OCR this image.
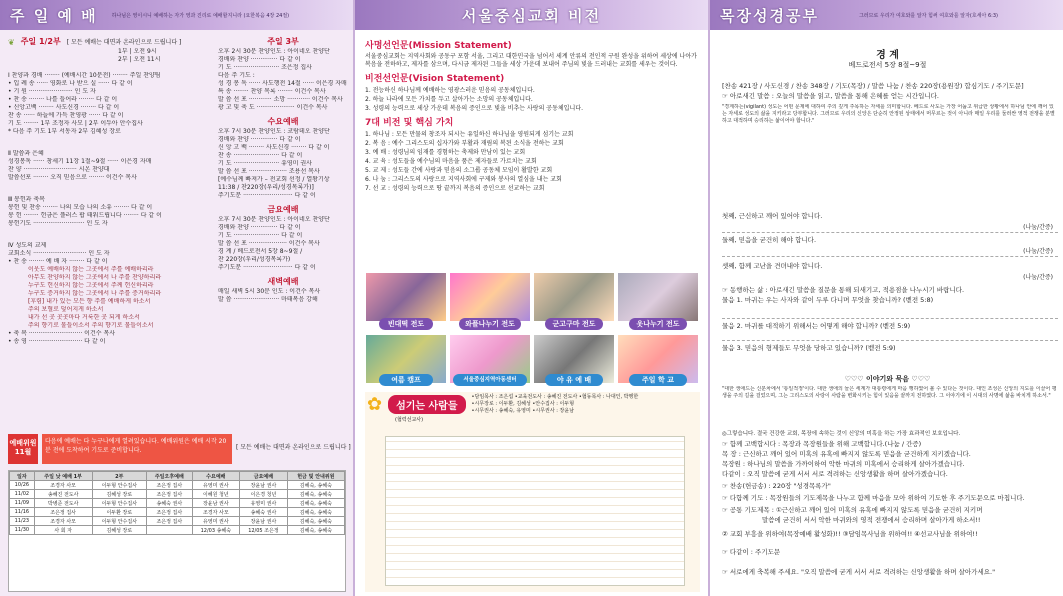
주 일 예 배	하나님은 영이시니 예배하는 자가 영과 진리로 예배할지니라 (요한복음 4장 24절)
❦ 주일 1/2부 [ 모든 예배는 대면과 온라인으로 드립니다 ]
1부 | 오전 9시
2부 | 오전 11시
Ⅰ 찬양과 경배 ········ (예배시간 10분전) ········ 주일 찬양팀
• 입 례 송 ······ 영화로 나 받으 실 ······ 다 같 이
• 기 원 ······················· 인 도 자
• 찬 송 ········ 나를 들어라 ········ 다 같 이
• 신앙고백 ········ 사도신경 ········ 다 같 이
찬 송 ······ 하늘에 가득 찬영광 ······ 다 같 이
기 도 ········ 1부 조정자 사모 | 2부 이두아 안수집사
* 다음 주 기도 1부 서동자 2부 김혜성 장로
Ⅱ 말씀과 은혜
성경봉독 ······ 창세기 11장 1절~9절 ······ 이은경 자매
찬 양 ···························· 시온 찬양대
말씀선포 ········ 오직 믿음으로 ········ 이건수 목사
Ⅲ 봉헌과 축복
봉헌 및 찬송 ········ 나의 모습 나의 소유 ········ 다 같 이
봉 헌 ········ 헌금은 플러스 팝 태워드립니다 ········ 다 같 이
봉헌기도 ··························· 인 도 자
Ⅳ 성도의 교제
교회소식 ···························· 인 도 자
• 찬 송 ········ 예 배 자 ········ 다 같 이
이웃도 예배하지 않는 그곳에서 주를 예배하리라
아무도 찬양하지 않는 그곳에서 나 주를 찬양하리라
누구도 헌신하지 않는 그곳에서 주께 헌신하리라
누구도 증거하지 않는 그곳에서 나 주를 증거하리라
[후렴] 내가 있는 모든 향 주를 예배하게 하소서
주의 보혈로 덮어지게 하소서
내가 선 곳 곳곳마다 거룩한 곳 되게 하소서
주의 향기로 물들이소서 주의 향기로 물들이소서
• 축 복 ···························· 이건수 목사
• 송 영 ···························· 다 같 이
주일 3부
오후 2시 30분 찬양인도 : 아이네오 찬양단
경배와 찬양 ·············· 다 같 이
기 도 ························ 조은정 집사
다음 주 기도 :
성 경 봉 독 ······ 사도행전 14절 ······ 이은경 자매
특 송 ········ 찬양 목록 ········ 이건수 목사
말 씀 선 포 ············ 소망 ············ 이건수 목사
광 고 및 축 도 ···················· 이건수 목사
수요예배
오후 7시 30분 찬양인도 : 코람데오 찬양단
경배와 찬양 ·············· 다 같 이
신 앙 고 백 ········ 사도신경 ········ 다 같 이
찬 송 ························ 다 같 이
기 도 ························ 유영미 권사
말 씀 선 포 ···················· 조용선 목사
[예수님께 빠져가 – 전교회 선정 / 열왕기상 11:38 / 찬220장(우리/성경목록가)]
주기도문 ·························· 다 같 이
금요예배
오후 7시 30분 찬양인도 : 아이네오 찬양단
경배와 찬양 ·············· 다 같 이
기 도 ························ 다 같 이
말 씀 선 포 ···················· 이건수 목사
경 계 / 베드로전서 5장 8~9절 /
찬 220장(우리/성경목록가)
주기도문 ·························· 다 같 이
새벽예배
매일 새벽 5시 30분 인도 : 이건수 목사
말 씀 ························ 마태복음 강해
예배위원 11월
다음에 예배는 다 누구나에게 열려있습니다. 예배위원은 예배 시작 20분 전에 도착하여 기도로 준비합니다.	[ 모든 예배는 대면과 온라인으로 드립니다 ]
일자	주일 낮 예배 1부	2부	주일오후예배	수요예배	금요예배	헌금 및 안내위원
10/26	조경자 사모	이두형 안수집사	조은정 집사	유영미 권사	장윤남 권사	김혜숙, 송혜숙
11/02	송혜진 전도사	김혜성 장로	조은정 집사	이혜원 청년	이은경 청년	김혜숙, 송혜숙
11/09	박병준 전도사	이두형 안수집사	송혜숙 권사	장윤남 권사	유영미 권사	김혜숙, 송혜숙
11/16	조은정 집사	이두환 장로	조은정 집사	조경자 사모	송혜숙 권사	김혜숙, 송혜숙
11/23	조경자 사모	이두형 안수집사	조은정 집사	유영미 권사	장윤남 권사	김혜숙, 송혜숙
11/30	사 회 자	김혜성 장로		12/03 송혜숙	12/05 조은정	김혜숙, 송혜숙
서울중심교회 비전
사명선언문(Mission Statement)
서울중심교회는 지역사회와 공동구 포함 서울, 그리고 대한민국을 넘어서 세계 안류의 전인적 구원 완성을 위하여 세상에 나아가 복음을 전하하고, 제자를 삼으며, 다시금 제자된 그들을 세상 가운데 보내어 주님의 빛을 드러내는 교회를 세우는 것이다.
비전선언문(Vision Statement)
1. 전능하신 하나님께 예배하는 영광스러운 믿음의 공동체입니다.
2. 하늘 나라에 모든 가치를 두고 살아가는 소망의 공동체입니다.
3. 성령의 능력으로 세상 가운데 복음의 증인으로 빛을 비추는 사랑의 공동체입니다.
7대 비전 및 핵심 가치
1. 하나님 : 모든 만물의 창조자 되시는 유일하신 하나님을 영원되게 섬기는 교회
2. 복 음 : 예수 그리스도의 십자가와 부활과 재림의 복된 소식을 전하는 교회
3. 예 배 : 성령님의 임재를 경험하는 축제와 만남이 있는 교회
4. 교 육 : 성도들을 예수님의 마음을 품은 제자들로 가르치는 교회
5. 교 제 : 성도들 간에 사랑과 믿음의 소그룹 공동체 모임이 활발한 교회
6. 나 눔 : 그리스도의 사랑으로 지역사회에 구제와 봉사의 열심을 내는 교회
7. 선 교 : 성령의 능력으로 땅 끝까지 복음의 증인으로 선교하는 교회
빈대떡 전도	와플나누기 전도	군고구마 전도	옷나누기 전도
여름 캠프	서울중심지역아동센터	야 유 예 배	주일 학 교
✿	섬기는 사람들
•담임목사 : 조은섭 •교육전도사 : 송혜진 전도사 •협동목사 : 나대인, 박행한
•시무장로 : 이두환, 김혜성 •안수집사 : 이두형
•시무권사 : 송혜숙, 유영미 •시무권사 : 장윤남
(협력선교사)
목장성경공부	그러므로 우리가 여호와를 알자 힘써 여호와를 알자(호세아 6:3)
경 계
베드로전서 5장 8절~9절
[찬송 421장 / 사도신경 / 찬송 348장 / 기도(목장) / 말씀 나눔 / 찬송 220장(용원장) 합심기도 / 주기도문]
☞ 아로새긴 말씀 : 오늘의 말씀을 읽고, 말씀을 통해 은혜를 얻는 시간입니다.
"경계하는(vigilant) 성도는 어떤 문제에 대하여 주의 깊게 주목하는 자세를 의미합니다. 베드로 사도는 가장 어둡고 위급한 상황에서 하나님 안에 깨어 있는 자세로 성도의 삶을 지키라고 당부합니다. 그러므로 우리의 신앙은 단순히 안정된 상태에서 머무르는 것이 아니라 매일 우리를 둘러싼 영적 전쟁을 분별하고 대적하며 승리하는 삶이어야 합니다."
첫째, 근신하고 깨어 있어야 합니다.
(나눔/간증)
둘째, 믿음을 굳건히 해야 합니다.
(나눔/간증)
셋째, 함께 고난을 견뎌내야 합니다.
(나눔/간증)
☞ 동행하는 삶 : 아로새긴 말씀을 질문을 통해 되새기고, 적용점을 나누시기 바랍니다.
물음 1. 마귀는 우는 사자와 같이 두루 다니며 무엇을 찾습니까? (벧전 5:8)
물음 2. 마귀를 대적하기 위해서는 어떻게 해야 합니까? (벧전 5:9)
물음 3. 믿음의 형제들도 무엇을 당하고 있습니까? (벧전 5:9)
♡♡♡ 이야기와 묵음 ♡♡♡
"대한 생애드는 신분차에서 '통일적정'이다. 대한 생애의 들은 세계가 대통령에게 마음 행하였어 볼 수 있다는 것이다. 대인 조성은 신앙의 지도를 이끌어 평생을 주의 길을 걸었으며, 그는 그리스도의 사랑이 사람을 변화시키는 힘이 있음을 끝까지 전하였다. 그 이야기에 이 시대의 사명에 삶을 바치게 하소서."
◎그렇습니다. 결국 건강한 교회, 목장에 속하는 것이 신앙의 미혹을 하는 가장 효과적인 보호입니다.
☞ 함께 고백합시다 : 목장과 목장원들을 위해 고백합니다.(나눔 / 간증)
목 장 : 근신하고 깨어 있어 미혹의 유혹에 빠지지 않도록 믿음을 굳건하게 지키겠습니다.
목장원 : 하나님의 말씀을 가까이하여 악한 마귀의 미혹에서 승리하게 살아가겠습니다.
다같이 : 오직 말씀에 굳게 서서 서로 격려하는 신앙생활을 하며 살아가겠습니다.
☞ 찬송(헌금송) : 220장 "성경목록가"
☞ 다함께 기도 : 목장원들의 기도제목을 나누고 함께 마음을 모아 위하여 기도한 후 주기도문으로 마칩니다.
☞ 공통 기도제목 : ①근신하고 깨어 있어 미혹의 유혹에 빠지지 않도록 믿음을 굳건히 지키며
말씀에 굳건히 서서 악한 마귀와의 영적 전쟁에서 승리하며 살아가게 하소서!!
② 교회 부흥을 위하여(목장예배 활성화)!! ③담임목사님을 위하여!! ④선교사님을 위하여!!
☞ 다같이 : 주기도문
☞ 서로에게 축복해 주세요. "오직 말씀에 굳게 서서 서로 격려하는 신앙생활을 하며 살아가세요."
